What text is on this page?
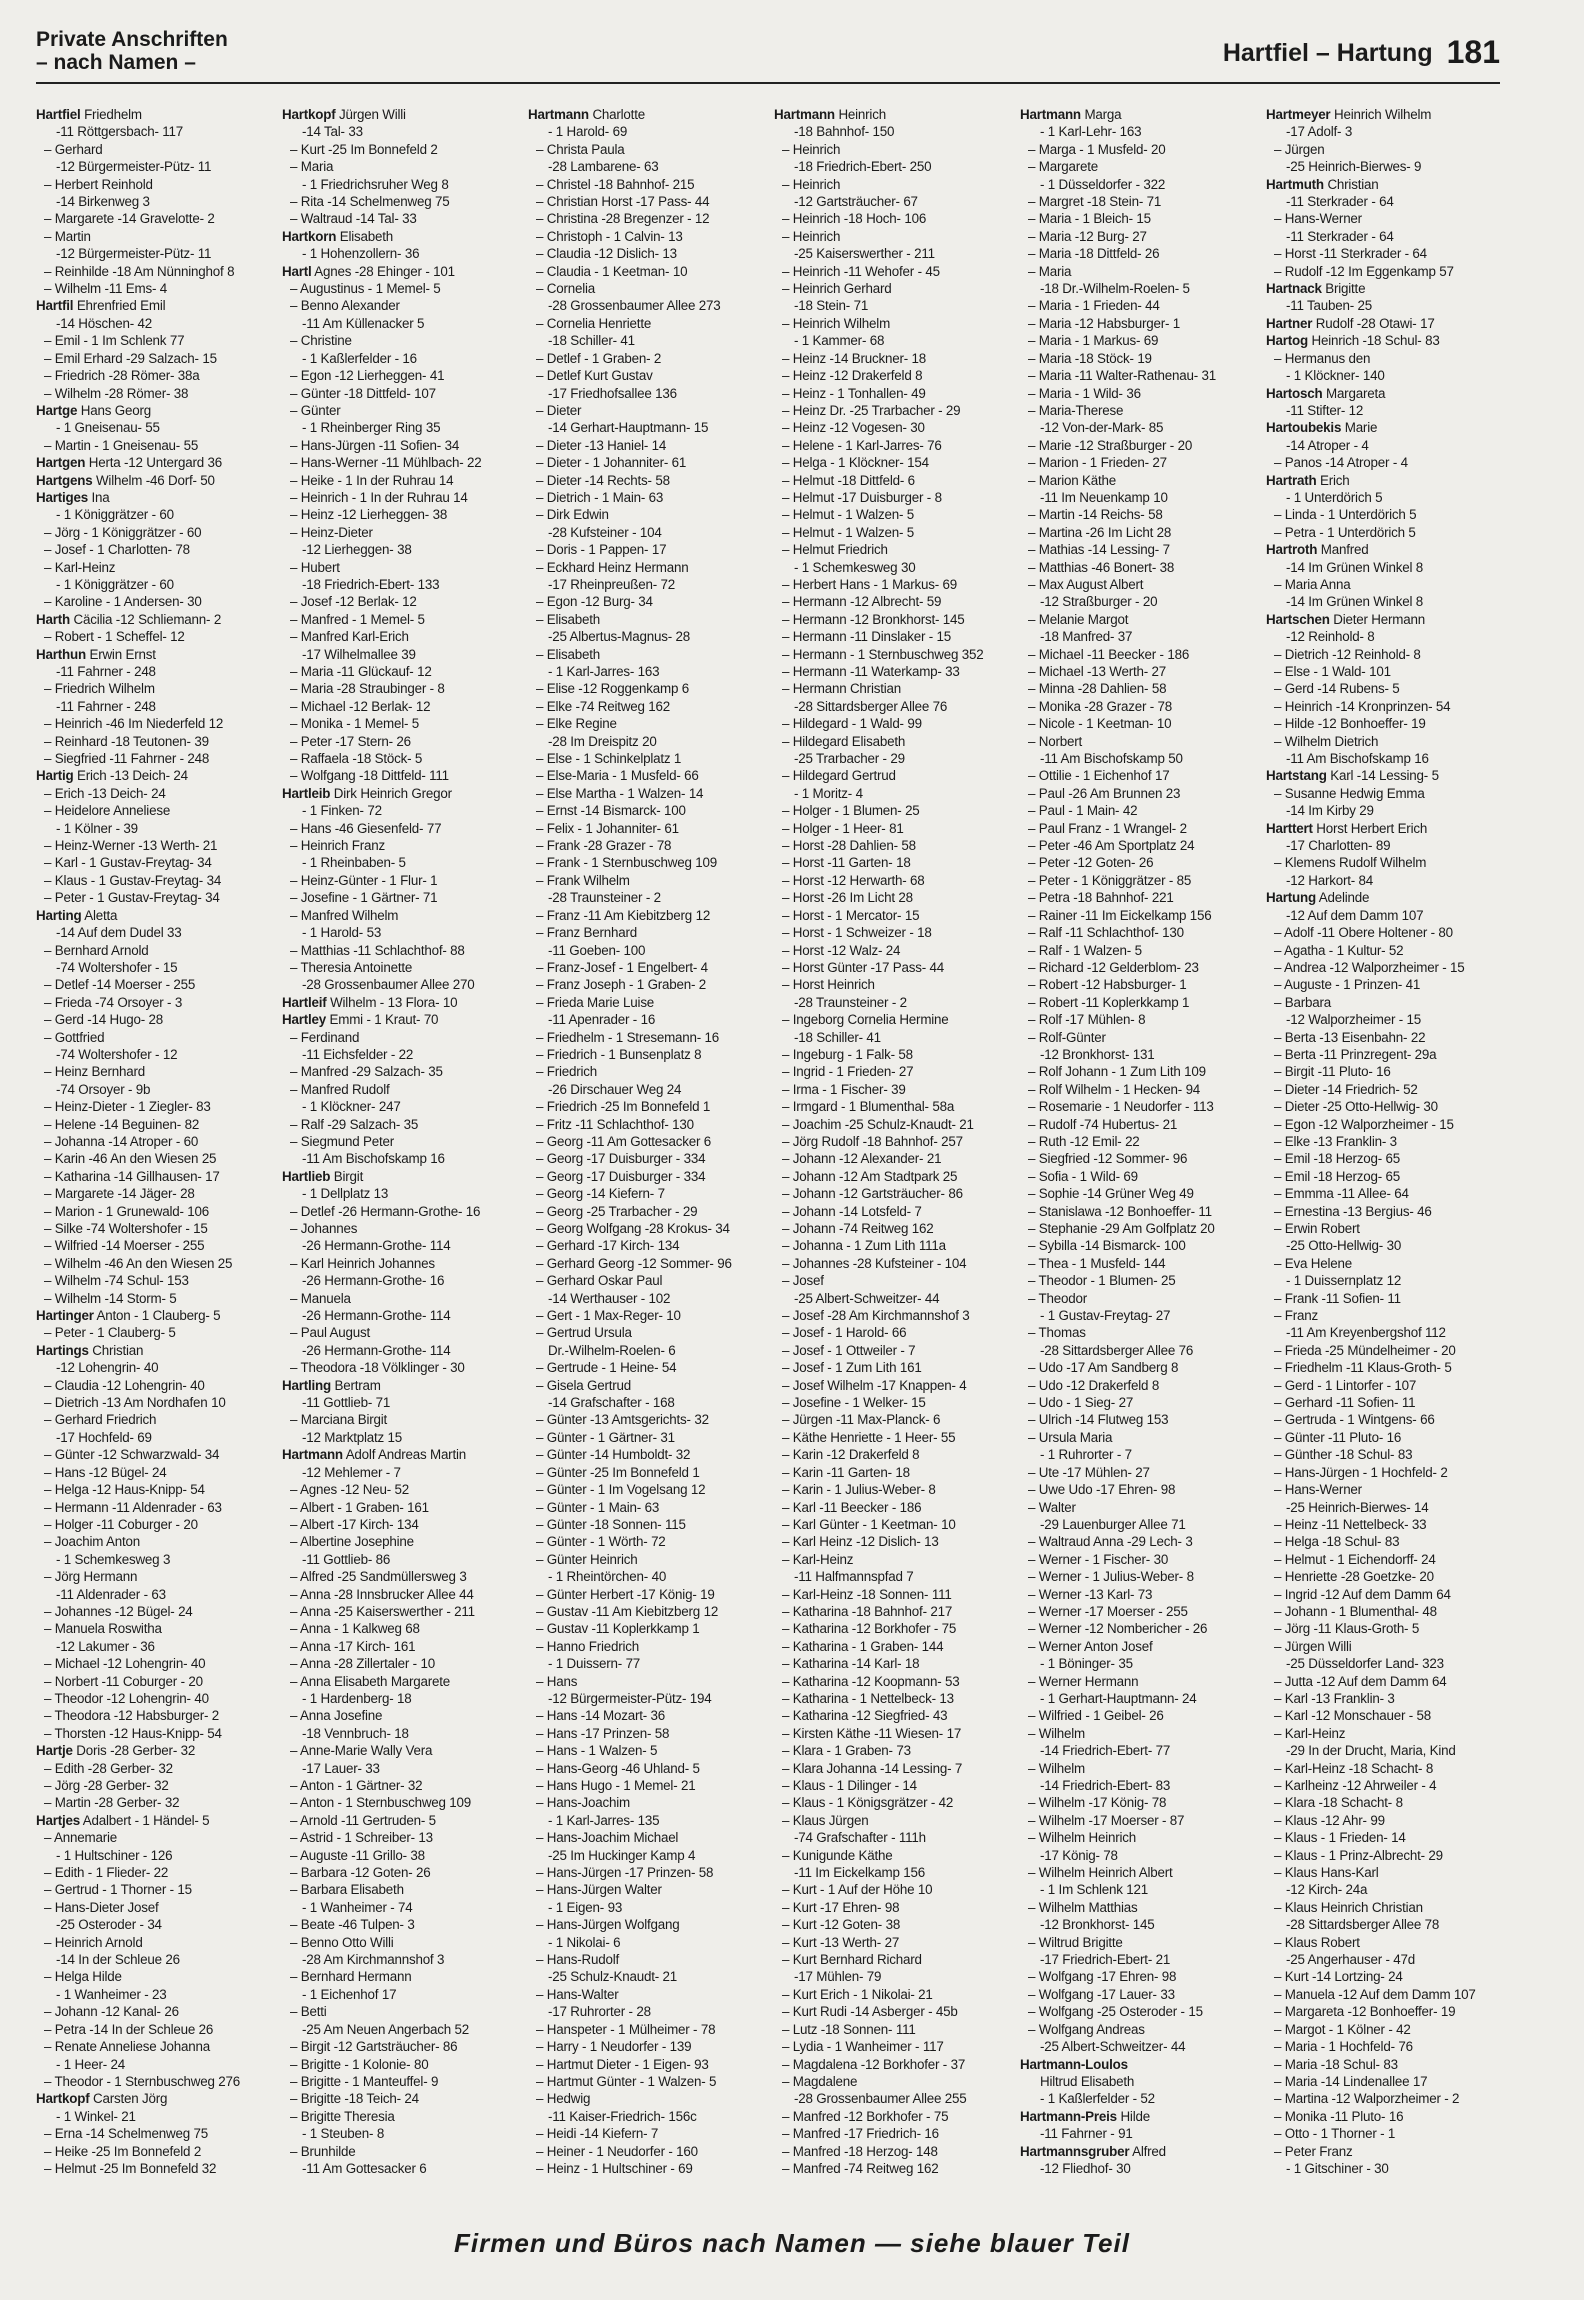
Private Anschriften
– nach Namen –	Hartfiel – Hartung 181
Hartfiel Friedhelm
-11 Röttgersbach- 117
– Gerhard
-12 Bürgermeister-Pütz- 11
– Herbert Reinhold
-14 Birkenweg 3
– Margarete -14 Gravelotte- 2
– Martin
-12 Bürgermeister-Pütz- 11
– Reinhilde -18 Am Nünninghof 8
– Wilhelm -11 Ems- 4
Hartfil Ehrenfried Emil
-14 Höschen- 42
– Emil - 1 Im Schlenk 77
– Emil Erhard -29 Salzach- 15
– Friedrich -28 Römer- 38a
– Wilhelm -28 Römer- 38
Hartge Hans Georg
- 1 Gneisenau- 55
– Martin - 1 Gneisenau- 55
Hartgen Herta -12 Untergard 36
Hartgens Wilhelm -46 Dorf- 50
Hartiges Ina
- 1 Königgrätzer - 60
– Jörg - 1 Königgrätzer - 60
– Josef - 1 Charlotten- 78
– Karl-Heinz
- 1 Königgrätzer - 60
– Karoline - 1 Andersen- 30
Harth Cäcilia -12 Schliemann- 2
– Robert - 1 Scheffel- 12
Harthun Erwin Ernst
-11 Fahrner - 248
– Friedrich Wilhelm
-11 Fahrner - 248
– Heinrich -46 Im Niederfeld 12
– Reinhard -18 Teutonen- 39
– Siegfried -11 Fahrner - 248
Hartig Erich -13 Deich- 24
– Erich -13 Deich- 24
– Heidelore Anneliese
- 1 Kölner - 39
– Heinz-Werner -13 Werth- 21
– Karl - 1 Gustav-Freytag- 34
– Klaus - 1 Gustav-Freytag- 34
– Peter - 1 Gustav-Freytag- 34
Harting Aletta
-14 Auf dem Dudel 33
– Bernhard Arnold
-74 Woltershofer - 15
– Detlef -14 Moerser - 255
– Frieda -74 Orsoyer - 3
– Gerd -14 Hugo- 28
– Gottfried
-74 Woltershofer - 12
– Heinz Bernhard
-74 Orsoyer - 9b
– Heinz-Dieter - 1 Ziegler- 83
– Helene -14 Beguinen- 82
– Johanna -14 Atroper - 60
– Karin -46 An den Wiesen 25
– Katharina -14 Gillhausen- 17
– Margarete -14 Jäger- 28
– Marion - 1 Grunewald- 106
– Silke -74 Woltershofer - 15
– Wilfried -14 Moerser - 255
– Wilhelm -46 An den Wiesen 25
– Wilhelm -74 Schul- 153
– Wilhelm -14 Storm- 5
Hartinger Anton - 1 Clauberg- 5
– Peter - 1 Clauberg- 5
Hartings Christian
-12 Lohengrin- 40
– Claudia -12 Lohengrin- 40
– Dietrich -13 Am Nordhafen 10
– Gerhard Friedrich
-17 Hochfeld- 69
– Günter -12 Schwarzwald- 34
– Hans -12 Bügel- 24
– Helga -12 Haus-Knipp- 54
– Hermann -11 Aldenrader - 63
– Holger -11 Coburger - 20
– Joachim Anton
- 1 Schemkesweg 3
– Jörg Hermann
-11 Aldenrader - 63
– Johannes -12 Bügel- 24
– Manuela Roswitha
-12 Lakumer - 36
– Michael -12 Lohengrin- 40
– Norbert -11 Coburger - 20
– Theodor -12 Lohengrin- 40
– Theodora -12 Habsburger- 2
– Thorsten -12 Haus-Knipp- 54
Hartje Doris -28 Gerber- 32
– Edith -28 Gerber- 32
– Jörg -28 Gerber- 32
– Martin -28 Gerber- 32
Hartjes Adalbert - 1 Händel- 5
– Annemarie
- 1 Hultschiner - 126
– Edith - 1 Flieder- 22
– Gertrud - 1 Thorner - 15
– Hans-Dieter Josef
-25 Osteroder - 34
– Heinrich Arnold
-14 In der Schleue 26
– Helga Hilde
- 1 Wanheimer - 23
– Johann -12 Kanal- 26
– Petra -14 In der Schleue 26
– Renate Anneliese Johanna
- 1 Heer- 24
– Theodor - 1 Sternbuschweg 276
Hartkopf Carsten Jörg
- 1 Winkel- 21
– Erna -14 Schelmenweg 75
– Heike -25 Im Bonnefeld 2
– Helmut -25 Im Bonnefeld 32
Hartkopf Jürgen Willi
-14 Tal- 33
– Kurt -25 Im Bonnefeld 2
– Maria
- 1 Friedrichsruher Weg 8
– Rita -14 Schelmenweg 75
– Waltraud -14 Tal- 33
Hartkorn Elisabeth
- 1 Hohenzollern- 36
Hartl Agnes -28 Ehinger - 101
– Augustinus - 1 Memel- 5
– Benno Alexander
-11 Am Küllenacker 5
– Christine
- 1 Kaßlerfelder - 16
– Egon -12 Lierheggen- 41
– Günter -18 Dittfeld- 107
– Günter
- 1 Rheinberger Ring 35
– Hans-Jürgen -11 Sofien- 34
– Hans-Werner -11 Mühlbach- 22
– Heike - 1 In der Ruhrau 14
– Heinrich - 1 In der Ruhrau 14
– Heinz -12 Lierheggen- 38
– Heinz-Dieter
-12 Lierheggen- 38
– Hubert
-18 Friedrich-Ebert- 133
– Josef -12 Berlak- 12
– Manfred - 1 Memel- 5
– Manfred Karl-Erich
-17 Wilhelmallee 39
– Maria -11 Glückauf- 12
– Maria -28 Straubinger - 8
– Michael -12 Berlak- 12
– Monika - 1 Memel- 5
– Peter -17 Stern- 26
– Raffaela -18 Stöck- 5
– Wolfgang -18 Dittfeld- 111
Hartleib Dirk Heinrich Gregor
- 1 Finken- 72
– Hans -46 Giesenfeld- 77
– Heinrich Franz
- 1 Rheinbaben- 5
– Heinz-Günter - 1 Flur- 1
– Josefine - 1 Gärtner- 71
– Manfred Wilhelm
- 1 Harold- 53
– Matthias -11 Schlachthof- 88
– Theresia Antoinette
-28 Grossenbaumer Allee 270
Hartleif Wilhelm - 13 Flora- 10
Hartley Emmi - 1 Kraut- 70
– Ferdinand
-11 Eichsfelder - 22
– Manfred -29 Salzach- 35
– Manfred Rudolf
- 1 Klöckner- 247
– Ralf -29 Salzach- 35
– Siegmund Peter
-11 Am Bischofskamp 16
Hartlieb Birgit
- 1 Dellplatz 13
– Detlef -26 Hermann-Grothe- 16
– Johannes
-26 Hermann-Grothe- 114
– Karl Heinrich Johannes
-26 Hermann-Grothe- 16
– Manuela
-26 Hermann-Grothe- 114
– Paul August
-26 Hermann-Grothe- 114
– Theodora -18 Völklinger - 30
Hartling Bertram
-11 Gottlieb- 71
– Marciana Birgit
-12 Marktplatz 15
Hartmann Adolf Andreas Martin
-12 Mehlemer - 7
– Agnes -12 Neu- 52
– Albert - 1 Graben- 161
– Albert -17 Kirch- 134
– Albertine Josephine
-11 Gottlieb- 86
– Alfred -25 Sandmüllersweg 3
– Anna -28 Innsbrucker Allee 44
– Anna -25 Kaiserswerther - 211
– Anna - 1 Kalkweg 68
– Anna -17 Kirch- 161
– Anna -28 Zillertaler - 10
– Anna Elisabeth Margarete
- 1 Hardenberg- 18
– Anna Josefine
-18 Vennbruch- 18
– Anne-Marie Wally Vera
-17 Lauer- 33
– Anton - 1 Gärtner- 32
– Anton - 1 Sternbuschweg 109
– Arnold -11 Gertruden- 5
– Astrid - 1 Schreiber- 13
– Auguste -11 Grillo- 38
– Barbara -12 Goten- 26
– Barbara Elisabeth
- 1 Wanheimer - 74
– Beate -46 Tulpen- 3
– Benno Otto Willi
-28 Am Kirchmannshof 3
– Bernhard Hermann
- 1 Eichenhof 17
– Betti
-25 Am Neuen Angerbach 52
– Birgit -12 Gartsträucher- 86
– Brigitte - 1 Kolonie- 80
– Brigitte - 1 Manteuffel- 9
– Brigitte -18 Teich- 24
– Brigitte Theresia
- 1 Steuben- 8
– Brunhilde
-11 Am Gottesacker 6
Hartmann Charlotte
- 1 Harold- 69
– Christa Paula
-28 Lambarene- 63
– Christel -18 Bahnhof- 215
– Christian Horst -17 Pass- 44
– Christina -28 Bregenzer - 12
– Christoph - 1 Calvin- 13
– Claudia -12 Dislich- 13
– Claudia - 1 Keetman- 10
– Cornelia
-28 Grossenbaumer Allee 273
– Cornelia Henriette
-18 Schiller- 41
– Detlef - 1 Graben- 2
– Detlef Kurt Gustav
-17 Friedhofsallee 136
– Dieter
-14 Gerhart-Hauptmann- 15
– Dieter -13 Haniel- 14
– Dieter - 1 Johanniter- 61
– Dieter -14 Rechts- 58
– Dietrich - 1 Main- 63
– Dirk Edwin
-28 Kufsteiner - 104
– Doris - 1 Pappen- 17
– Eckhard Heinz Hermann
-17 Rheinpreußen- 72
– Egon -12 Burg- 34
– Elisabeth
-25 Albertus-Magnus- 28
– Elisabeth
- 1 Karl-Jarres- 163
– Elise -12 Roggenkamp 6
– Elke -74 Reitweg 162
– Elke Regine
-28 Im Dreispitz 20
– Else - 1 Schinkelplatz 1
– Else-Maria - 1 Musfeld- 66
– Else Martha - 1 Walzen- 14
– Ernst -14 Bismarck- 100
– Felix - 1 Johanniter- 61
– Frank -28 Grazer - 78
– Frank - 1 Sternbuschweg 109
– Frank Wilhelm
-28 Traunsteiner - 2
– Franz -11 Am Kiebitzberg 12
– Franz Bernhard
-11 Goeben- 100
– Franz-Josef - 1 Engelbert- 4
– Franz Joseph - 1 Graben- 2
– Frieda Marie Luise
-11 Apenrader - 16
– Friedhelm - 1 Stresemann- 16
– Friedrich - 1 Bunsenplatz 8
– Friedrich
-26 Dirschauer Weg 24
– Friedrich -25 Im Bonnefeld 1
– Fritz -11 Schlachthof- 130
– Georg -11 Am Gottesacker 6
– Georg -17 Duisburger - 334
– Georg -17 Duisburger - 334
– Georg -14 Kiefern- 7
– Georg -25 Trarbacher - 29
– Georg Wolfgang -28 Krokus- 34
– Gerhard -17 Kirch- 134
– Gerhard Georg -12 Sommer- 96
– Gerhard Oskar Paul
-14 Werthauser - 102
– Gert - 1 Max-Reger- 10
– Gertrud Ursula
Dr.-Wilhelm-Roelen- 6
– Gertrude - 1 Heine- 54
– Gisela Gertrud
-14 Grafschafter - 168
– Günter -13 Amtsgerichts- 32
– Günter - 1 Gärtner- 31
– Günter -14 Humboldt- 32
– Günter -25 Im Bonnefeld 1
– Günter - 1 Im Vogelsang 12
– Günter - 1 Main- 63
– Günter -18 Sonnen- 115
– Günter - 1 Wörth- 72
– Günter Heinrich
- 1 Rheintörchen- 40
– Günter Herbert -17 König- 19
– Gustav -11 Am Kiebitzberg 12
– Gustav -11 Koplerkkamp 1
– Hanno Friedrich
- 1 Duissern- 77
– Hans
-12 Bürgermeister-Pütz- 194
– Hans -14 Mozart- 36
– Hans -17 Prinzen- 58
– Hans - 1 Walzen- 5
– Hans-Georg -46 Uhland- 5
– Hans Hugo - 1 Memel- 21
– Hans-Joachim
- 1 Karl-Jarres- 135
– Hans-Joachim Michael
-25 Im Huckinger Kamp 4
– Hans-Jürgen -17 Prinzen- 58
– Hans-Jürgen Walter
- 1 Eigen- 93
– Hans-Jürgen Wolfgang
- 1 Nikolai- 6
– Hans-Rudolf
-25 Schulz-Knaudt- 21
– Hans-Walter
-17 Ruhrorter - 28
– Hanspeter - 1 Mülheimer - 78
– Harry - 1 Neudorfer - 139
– Hartmut Dieter - 1 Eigen- 93
– Hartmut Günter - 1 Walzen- 5
– Hedwig
-11 Kaiser-Friedrich- 156c
– Heidi -14 Kiefern- 7
– Heiner - 1 Neudorfer - 160
– Heinz - 1 Hultschiner - 69
Hartmann Heinrich
-18 Bahnhof- 150
– Heinrich
-18 Friedrich-Ebert- 250
– Heinrich
-12 Gartsträucher- 67
– Heinrich -18 Hoch- 106
– Heinrich
-25 Kaiserswerther - 211
– Heinrich -11 Wehofer - 45
– Heinrich Gerhard
-18 Stein- 71
– Heinrich Wilhelm
- 1 Kammer- 68
– Heinz -14 Bruckner- 18
– Heinz -12 Drakerfeld 8
– Heinz - 1 Tonhallen- 49
– Heinz Dr. -25 Trarbacher - 29
– Heinz -12 Vogesen- 30
– Helene - 1 Karl-Jarres- 76
– Helga - 1 Klöckner- 154
– Helmut -18 Dittfeld- 6
– Helmut -17 Duisburger - 8
– Helmut - 1 Walzen- 5
– Helmut - 1 Walzen- 5
– Helmut Friedrich
- 1 Schemkesweg 30
– Herbert Hans - 1 Markus- 69
– Hermann -12 Albrecht- 59
– Hermann -12 Bronkhorst- 145
– Hermann -11 Dinslaker - 15
– Hermann - 1 Sternbuschweg 352
– Hermann -11 Waterkamp- 33
– Hermann Christian
-28 Sittardsberger Allee 76
– Hildegard - 1 Wald- 99
– Hildegard Elisabeth
-25 Trarbacher - 29
– Hildegard Gertrud
- 1 Moritz- 4
– Holger - 1 Blumen- 25
– Holger - 1 Heer- 81
– Horst -28 Dahlien- 58
– Horst -11 Garten- 18
– Horst -12 Herwarth- 68
– Horst -26 Im Licht 28
– Horst - 1 Mercator- 15
– Horst - 1 Schweizer - 18
– Horst -12 Walz- 24
– Horst Günter -17 Pass- 44
– Horst Heinrich
-28 Traunsteiner - 2
– Ingeborg Cornelia Hermine
-18 Schiller- 41
– Ingeburg - 1 Falk- 58
– Ingrid - 1 Frieden- 27
– Irma - 1 Fischer- 39
– Irmgard - 1 Blumenthal- 58a
– Joachim -25 Schulz-Knaudt- 21
– Jörg Rudolf -18 Bahnhof- 257
– Johann -12 Alexander- 21
– Johann -12 Am Stadtpark 25
– Johann -12 Gartsträucher- 86
– Johann -14 Lotsfeld- 7
– Johann -74 Reitweg 162
– Johanna - 1 Zum Lith 111a
– Johannes -28 Kufsteiner - 104
– Josef
-25 Albert-Schweitzer- 44
– Josef -28 Am Kirchmannshof 3
– Josef - 1 Harold- 66
– Josef - 1 Ottweiler - 7
– Josef - 1 Zum Lith 161
– Josef Wilhelm -17 Knappen- 4
– Josefine - 1 Welker- 15
– Jürgen -11 Max-Planck- 6
– Käthe Henriette - 1 Heer- 55
– Karin -12 Drakerfeld 8
– Karin -11 Garten- 18
– Karin - 1 Julius-Weber- 8
– Karl -11 Beecker - 186
– Karl Günter - 1 Keetman- 10
– Karl Heinz -12 Dislich- 13
– Karl-Heinz
-11 Halfmannspfad 7
– Karl-Heinz -18 Sonnen- 111
– Katharina -18 Bahnhof- 217
– Katharina -12 Borkhofer - 75
– Katharina - 1 Graben- 144
– Katharina -14 Karl- 18
– Katharina -12 Koopmann- 53
– Katharina - 1 Nettelbeck- 13
– Katharina -12 Siegfried- 43
– Kirsten Käthe -11 Wiesen- 17
– Klara - 1 Graben- 73
– Klara Johanna -14 Lessing- 7
– Klaus - 1 Dilinger - 14
– Klaus - 1 Königsgrätzer - 42
– Klaus Jürgen
-74 Grafschafter - 111h
– Kunigunde Käthe
-11 Im Eickelkamp 156
– Kurt - 1 Auf der Höhe 10
– Kurt -17 Ehren- 98
– Kurt -12 Goten- 38
– Kurt -13 Werth- 27
– Kurt Bernhard Richard
-17 Mühlen- 79
– Kurt Erich - 1 Nikolai- 21
– Kurt Rudi -14 Asberger - 45b
– Lutz -18 Sonnen- 111
– Lydia - 1 Wanheimer - 117
– Magdalena -12 Borkhofer - 37
– Magdalene
-28 Grossenbaumer Allee 255
– Manfred -12 Borkhofer - 75
– Manfred -17 Friedrich- 16
– Manfred -18 Herzog- 148
– Manfred -74 Reitweg 162
Hartmann Marga
- 1 Karl-Lehr- 163
– Marga - 1 Musfeld- 20
– Margarete
- 1 Düsseldorfer - 322
– Margret -18 Stein- 71
– Maria - 1 Bleich- 15
– Maria -12 Burg- 27
– Maria -18 Dittfeld- 26
– Maria
-18 Dr.-Wilhelm-Roelen- 5
– Maria - 1 Frieden- 44
– Maria -12 Habsburger- 1
– Maria - 1 Markus- 69
– Maria -18 Stöck- 19
– Maria -11 Walter-Rathenau- 31
– Maria - 1 Wild- 36
– Maria-Therese
-12 Von-der-Mark- 85
– Marie -12 Straßburger - 20
– Marion - 1 Frieden- 27
– Marion Käthe
-11 Im Neuenkamp 10
– Martin -14 Reichs- 58
– Martina -26 Im Licht 28
– Mathias -14 Lessing- 7
– Matthias -46 Bonert- 38
– Max August Albert
-12 Straßburger - 20
– Melanie Margot
-18 Manfred- 37
– Michael -11 Beecker - 186
– Michael -13 Werth- 27
– Minna -28 Dahlien- 58
– Monika -28 Grazer - 78
– Nicole - 1 Keetman- 10
– Norbert
-11 Am Bischofskamp 50
– Ottilie - 1 Eichenhof 17
– Paul -26 Am Brunnen 23
– Paul - 1 Main- 42
– Paul Franz - 1 Wrangel- 2
– Peter -46 Am Sportplatz 24
– Peter -12 Goten- 26
– Peter - 1 Königgrätzer - 85
– Petra -18 Bahnhof- 221
– Rainer -11 Im Eickelkamp 156
– Ralf -11 Schlachthof- 130
– Ralf - 1 Walzen- 5
– Richard -12 Gelderblom- 23
– Robert -12 Habsburger- 1
– Robert -11 Koplerkkamp 1
– Rolf -17 Mühlen- 8
– Rolf-Günter
-12 Bronkhorst- 131
– Rolf Johann - 1 Zum Lith 109
– Rolf Wilhelm - 1 Hecken- 94
– Rosemarie - 1 Neudorfer - 113
– Rudolf -74 Hubertus- 21
– Ruth -12 Emil- 22
– Siegfried -12 Sommer- 96
– Sofia - 1 Wild- 69
– Sophie -14 Grüner Weg 49
– Stanislawa -12 Bonhoeffer- 11
– Stephanie -29 Am Golfplatz 20
– Sybilla -14 Bismarck- 100
– Thea - 1 Musfeld- 144
– Theodor - 1 Blumen- 25
– Theodor
- 1 Gustav-Freytag- 27
– Thomas
-28 Sittardsberger Allee 76
– Udo -17 Am Sandberg 8
– Udo -12 Drakerfeld 8
– Udo - 1 Sieg- 27
– Ulrich -14 Flutweg 153
– Ursula Maria
- 1 Ruhrorter - 7
– Ute -17 Mühlen- 27
– Uwe Udo -17 Ehren- 98
– Walter
-29 Lauenburger Allee 71
– Waltraud Anna -29 Lech- 3
– Werner - 1 Fischer- 30
– Werner - 1 Julius-Weber- 8
– Werner -13 Karl- 73
– Werner -17 Moerser - 255
– Werner -12 Nombericher - 26
– Werner Anton Josef
- 1 Böninger- 35
– Werner Hermann
- 1 Gerhart-Hauptmann- 24
– Wilfried - 1 Geibel- 26
– Wilhelm
-14 Friedrich-Ebert- 77
– Wilhelm
-14 Friedrich-Ebert- 83
– Wilhelm -17 König- 78
– Wilhelm -17 Moerser - 87
– Wilhelm Heinrich
-17 König- 78
– Wilhelm Heinrich Albert
- 1 Im Schlenk 121
– Wilhelm Matthias
-12 Bronkhorst- 145
– Wiltrud Brigitte
-17 Friedrich-Ebert- 21
– Wolfgang -17 Ehren- 98
– Wolfgang -17 Lauer- 33
– Wolfgang -25 Osteroder - 15
– Wolfgang Andreas
-25 Albert-Schweitzer- 44
Hartmann-Loulos
Hiltrud Elisabeth
- 1 Kaßlerfelder - 52
Hartmann-Preis Hilde
-11 Fahrner - 91
Hartmannsgruber Alfred
-12 Fliedhof- 30
Hartmeyer Heinrich Wilhelm
-17 Adolf- 3
– Jürgen
-25 Heinrich-Bierwes- 9
Hartmuth Christian
-11 Sterkrader - 64
– Hans-Werner
-11 Sterkrader - 64
– Horst -11 Sterkrader - 64
– Rudolf -12 Im Eggenkamp 57
Hartnack Brigitte
-11 Tauben- 25
Hartner Rudolf -28 Otawi- 17
Hartog Heinrich -18 Schul- 83
– Hermanus den
- 1 Klöckner- 140
Hartosch Margareta
-11 Stifter- 12
Hartoubekis Marie
-14 Atroper - 4
– Panos -14 Atroper - 4
Hartrath Erich
- 1 Unterdörich 5
– Linda - 1 Unterdörich 5
– Petra - 1 Unterdörich 5
Hartroth Manfred
-14 Im Grünen Winkel 8
– Maria Anna
-14 Im Grünen Winkel 8
Hartschen Dieter Hermann
-12 Reinhold- 8
– Dietrich -12 Reinhold- 8
– Else - 1 Wald- 101
– Gerd -14 Rubens- 5
– Heinrich -14 Kronprinzen- 54
– Hilde -12 Bonhoeffer- 19
– Wilhelm Dietrich
-11 Am Bischofskamp 16
Hartstang Karl -14 Lessing- 5
– Susanne Hedwig Emma
-14 Im Kirby 29
Harttert Horst Herbert Erich
-17 Charlotten- 89
– Klemens Rudolf Wilhelm
-12 Harkort- 84
Hartung Adelinde
-12 Auf dem Damm 107
– Adolf -11 Obere Holtener - 80
– Agatha - 1 Kultur- 52
– Andrea -12 Walporzheimer - 15
– Auguste - 1 Prinzen- 41
– Barbara
-12 Walporzheimer - 15
– Berta -13 Eisenbahn- 22
– Berta -11 Prinzregent- 29a
– Birgit -11 Pluto- 16
– Dieter -14 Friedrich- 52
– Dieter -25 Otto-Hellwig- 30
– Egon -12 Walporzheimer - 15
– Elke -13 Franklin- 3
– Emil -18 Herzog- 65
– Emil -18 Herzog- 65
– Emmma -11 Allee- 64
– Ernestina -13 Bergius- 46
– Erwin Robert
-25 Otto-Hellwig- 30
– Eva Helene
- 1 Duissernplatz 12
– Frank -11 Sofien- 11
– Franz
-11 Am Kreyenbergshof 112
– Frieda -25 Mündelheimer - 20
– Friedhelm -11 Klaus-Groth- 5
– Gerd - 1 Lintorfer - 107
– Gerhard -11 Sofien- 11
– Gertruda - 1 Wintgens- 66
– Günter -11 Pluto- 16
– Günther -18 Schul- 83
– Hans-Jürgen - 1 Hochfeld- 2
– Hans-Werner
-25 Heinrich-Bierwes- 14
– Heinz -11 Nettelbeck- 33
– Helga -18 Schul- 83
– Helmut - 1 Eichendorff- 24
– Henriette -28 Goetzke- 20
– Ingrid -12 Auf dem Damm 64
– Johann - 1 Blumenthal- 48
– Jörg -11 Klaus-Groth- 5
– Jürgen Willi
-25 Düsseldorfer Land- 323
– Jutta -12 Auf dem Damm 64
– Karl -13 Franklin- 3
– Karl -12 Monschauer - 58
– Karl-Heinz
-29 In der Drucht, Maria, Kind
– Karl-Heinz -18 Schacht- 8
– Karlheinz -12 Ahrweiler - 4
– Klara -18 Schacht- 8
– Klaus -12 Ahr- 99
– Klaus - 1 Frieden- 14
– Klaus - 1 Prinz-Albrecht- 29
– Klaus Hans-Karl
-12 Kirch- 24a
– Klaus Heinrich Christian
-28 Sittardsberger Allee 78
– Klaus Robert
-25 Angerhauser - 47d
– Kurt -14 Lortzing- 24
– Manuela -12 Auf dem Damm 107
– Margareta -12 Bonhoeffer- 19
– Margot - 1 Kölner - 42
– Maria - 1 Hochfeld- 76
– Maria -18 Schul- 83
– Maria -14 Lindenallee 17
– Martina -12 Walporzheimer - 2
– Monika -11 Pluto- 16
– Otto - 1 Thorner - 1
– Peter Franz
- 1 Gitschiner - 30
Firmen und Büros nach Namen — siehe blauer Teil
